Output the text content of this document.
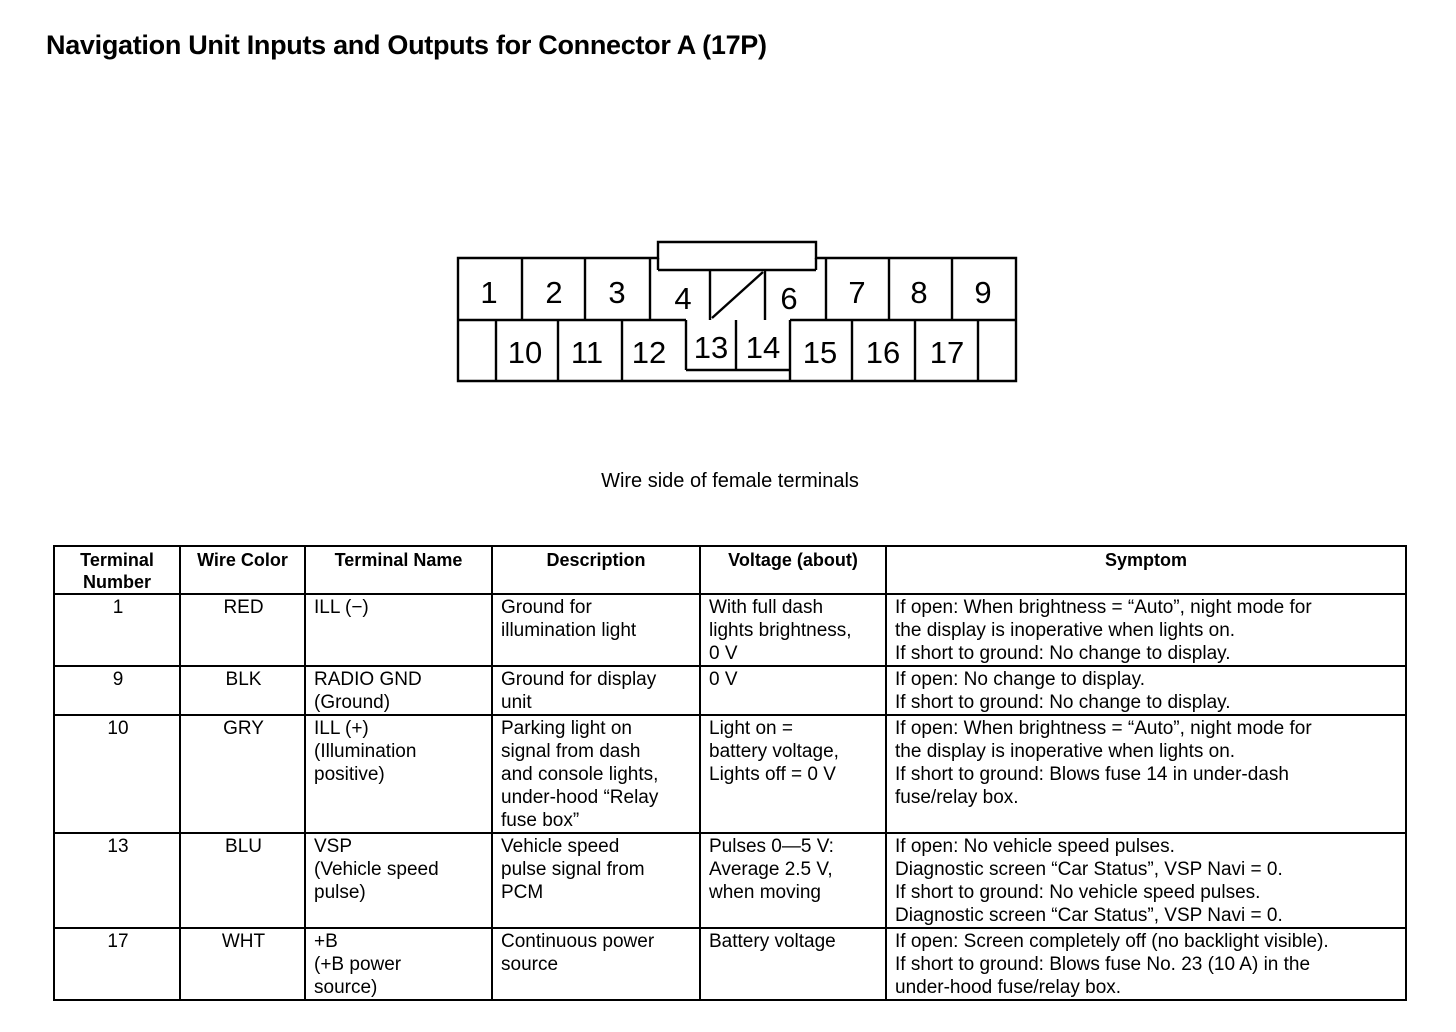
Navigation Unit Inputs and Outputs for Connector A (17P)
1 2 3 4	6 7 8 9
10 11 12 13 14 15 16 17
Wire side of female terminals
Terminal
Number	Wire Color	Terminal Name	Description	Voltage (about)	Symptom
1	RED	ILL (−)	Ground for
illumination light	With full dash
lights brightness,
0 V	If open: When brightness = “Auto”, night mode for
the display is inoperative when lights on.
If short to ground: No change to display.

9	BLK	RADIO GND
(Ground)	Ground for display
unit	0 V	If open: No change to display.
If short to ground: No change to display.

10	GRY	ILL (+)
(Illumination
positive)	Parking light on
signal from dash
and console lights,
under-hood “Relay
fuse box”	Light on =
battery voltage,
Lights off = 0 V	If open: When brightness = “Auto”, night mode for
the display is inoperative when lights on.
If short to ground: Blows fuse 14 in under-dash
fuse/relay box.

13	BLU	VSP
(Vehicle speed
pulse)	Vehicle speed
pulse signal from
PCM	Pulses 0—5 V:
Average 2.5 V,
when moving	If open: No vehicle speed pulses.
Diagnostic screen “Car Status”, VSP Navi = 0.
If short to ground: No vehicle speed pulses.
Diagnostic screen “Car Status”, VSP Navi = 0.

17	WHT	+B
(+B power
source)	Continuous power
source	Battery voltage	If open: Screen completely off (no backlight visible).
If short to ground: Blows fuse No. 23 (10 A) in the
under-hood fuse/relay box.
